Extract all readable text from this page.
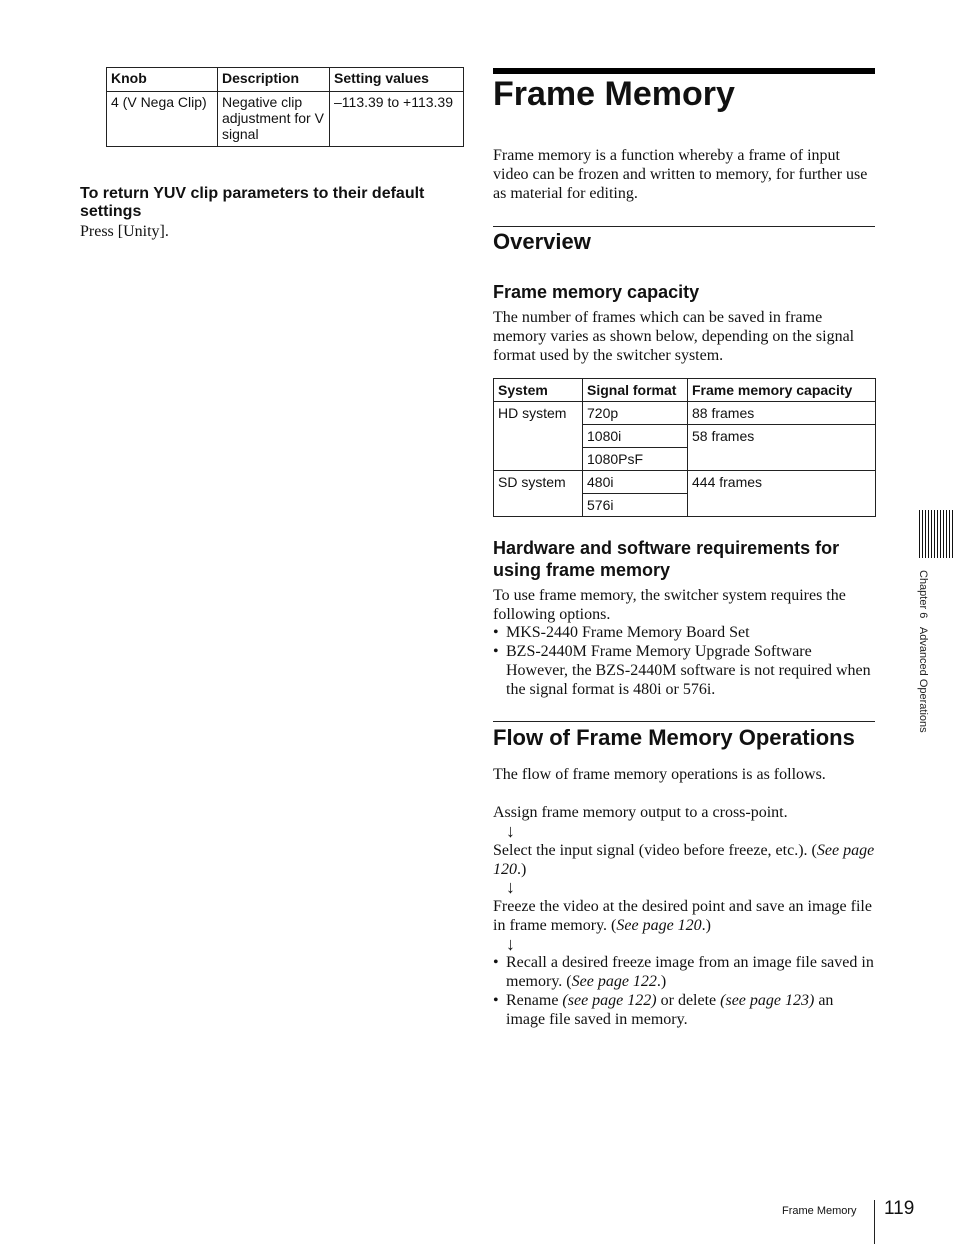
Knob	Description	Setting values
4 (V Nega Clip)	Negative clip adjustment for V signal	–113.39 to +113.39
To return YUV clip parameters to their default settings
Press [Unity].
Frame Memory

Frame memory is a function whereby a frame of input video can be frozen and written to memory, for further use as material for editing.

Overview
Frame memory capacity

The number of frames which can be saved in frame memory varies as shown below, depending on the signal format used by the switcher system.

System	Signal format	Frame memory capacity
HD system	720p	88 frames
	1080i	58 frames
	1080PsF	
SD system	480i	444 frames
	576i	
Hardware and software requirements for using frame memory

To use frame memory, the switcher system requires the following options.

• MKS-2440 Frame Memory Board Set
• BZS-2440M Frame Memory Upgrade Software
However, the BZS-2440M software is not required when the signal format is 480i or 576i.
Flow of Frame Memory Operations

The flow of frame memory operations is as follows.

Assign frame memory output to a cross-point.

↓

Select the input signal (video before freeze, etc.). (See page 120.)

↓

Freeze the video at the desired point and save an image file in frame memory. (See page 120.)

↓
• Recall a desired freeze image from an image file saved in memory. (See page 122.)
• Rename (see page 122) or delete (see page 123) an image file saved in memory.
Chapter 6   Advanced Operations
Frame Memory 119
